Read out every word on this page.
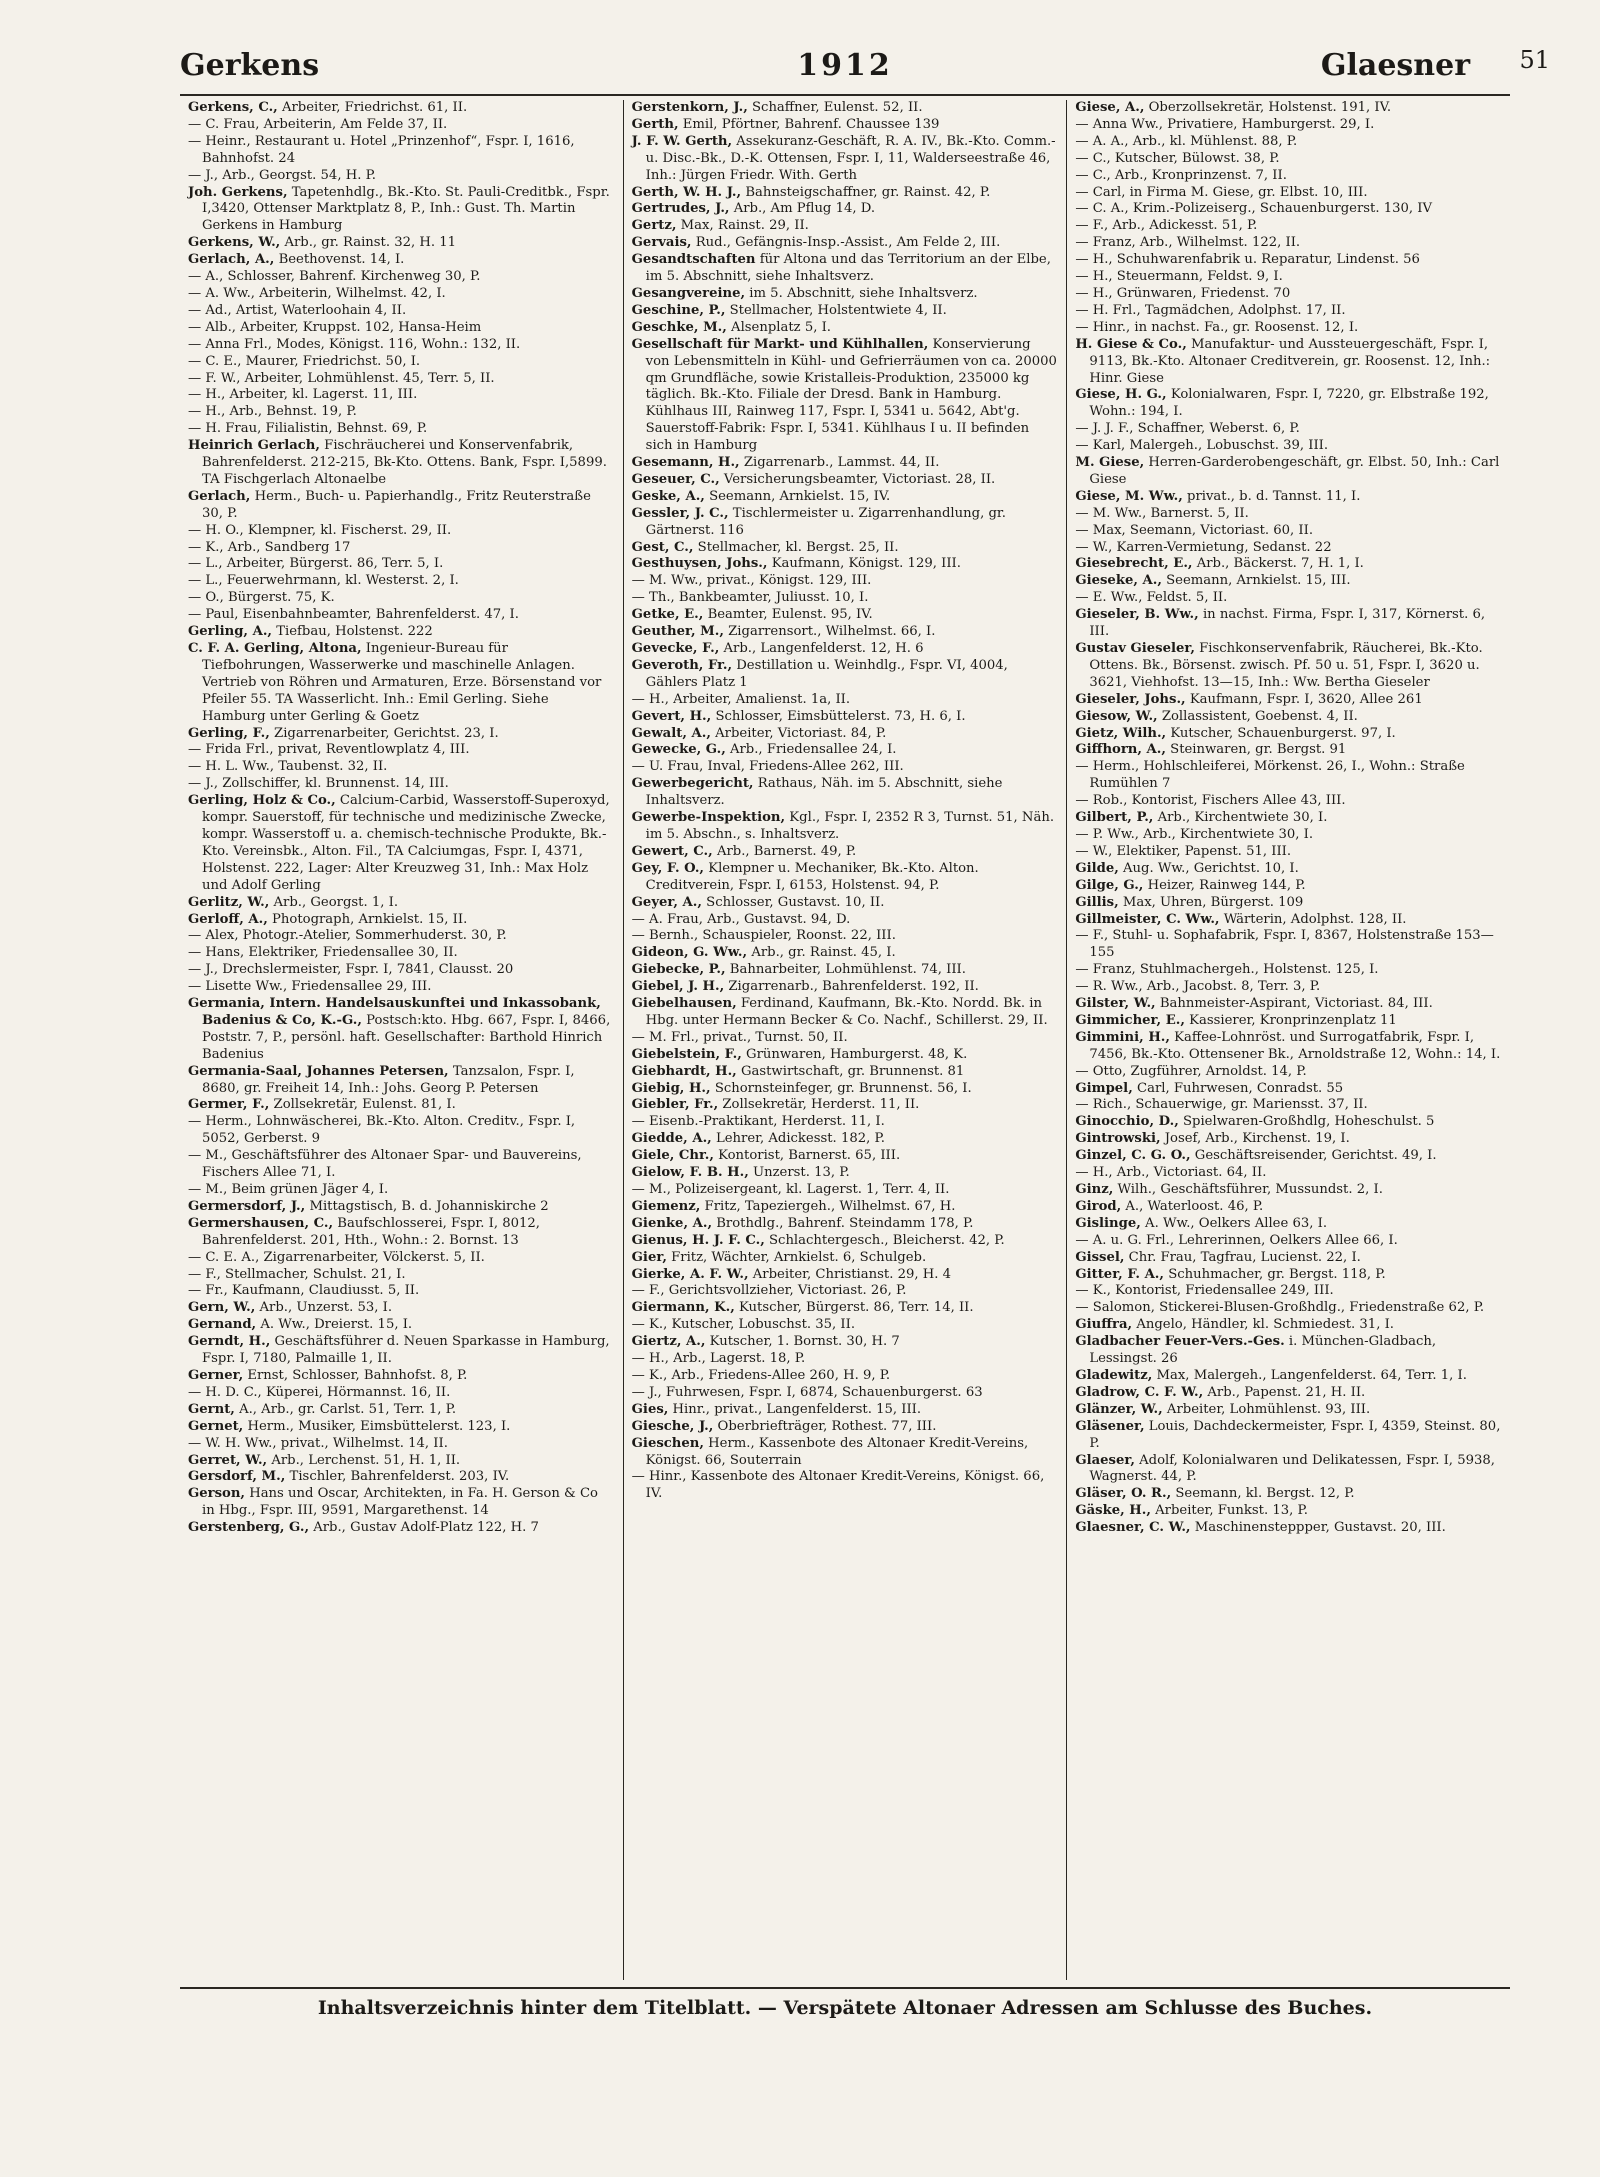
Gerkens	1912	Glaesner 51
Gerkens, C., Arbeiter, Friedrichst. 61, II.
— C. Frau, Arbeiterin, Am Felde 37, II.
— Heinr., Restaurant u. Hotel „Prinzenhof“, Fspr. I, 1616, Bahnhofst. 24
— J., Arb., Georgst. 54, H. P.
Joh. Gerkens, Tapetenhdlg., Bk.-Kto. St. Pauli-Creditbk., Fspr. I,3420, Ottenser Marktplatz 8, P., Inh.: Gust. Th. Martin Gerkens in Hamburg
Gerkens, W., Arb., gr. Rainst. 32, H. 11
Gerlach, A., Beethovenst. 14, I.
— A., Schlosser, Bahrenf. Kirchenweg 30, P.
— A. Ww., Arbeiterin, Wilhelmst. 42, I.
— Ad., Artist, Waterloohain 4, II.
— Alb., Arbeiter, Kruppst. 102, Hansa-Heim
— Anna Frl., Modes, Königst. 116, Wohn.: 132, II.
— C. E., Maurer, Friedrichst. 50, I.
— F. W., Arbeiter, Lohmühlenst. 45, Terr. 5, II.
— H., Arbeiter, kl. Lagerst. 11, III.
— H., Arb., Behnst. 19, P.
— H. Frau, Filialistin, Behnst. 69, P.
Heinrich Gerlach, Fischräucherei und Konservenfabrik, Bahrenfelderst. 212-215, Bk-Kto. Ottens. Bank, Fspr. I,5899. TA Fischgerlach Altonaelbe
Gerlach, Herm., Buch- u. Papierhandlg., Fritz Reuterstraße 30, P.
— H. O., Klempner, kl. Fischerst. 29, II.
— K., Arb., Sandberg 17
— L., Arbeiter, Bürgerst. 86, Terr. 5, I.
— L., Feuerwehrmann, kl. Westerst. 2, I.
— O., Bürgerst. 75, K.
— Paul, Eisenbahnbeamter, Bahrenfelderst. 47, I.
Gerling, A., Tiefbau, Holstenst. 222
C. F. A. Gerling, Altona, Ingenieur-Bureau für Tiefbohrungen, Wasserwerke und maschinelle Anlagen. Vertrieb von Röhren und Armaturen, Erze. Börsenstand vor Pfeiler 55. TA Wasserlicht. Inh.: Emil Gerling. Siehe Hamburg unter Gerling & Goetz
Gerling, F., Zigarrenarbeiter, Gerichtst. 23, I.
— Frida Frl., privat, Reventlowplatz 4, III.
— H. L. Ww., Taubenst. 32, II.
— J., Zollschiffer, kl. Brunnenst. 14, III.
Gerling, Holz & Co., Calcium-Carbid, Wasserstoff-Superoxyd, kompr. Sauerstoff, für technische und medizinische Zwecke, kompr. Wasserstoff u. a. chemisch-technische Produkte, Bk.-Kto. Vereinsbk., Alton. Fil., TA Calciumgas, Fspr. I, 4371, Holstenst. 222, Lager: Alter Kreuzweg 31, Inh.: Max Holz und Adolf Gerling
Gerlitz, W., Arb., Georgst. 1, I.
Gerloff, A., Photograph, Arnkielst. 15, II.
— Alex, Photogr.-Atelier, Sommerhuderst. 30, P.
— Hans, Elektriker, Friedensallee 30, II.
— J., Drechslermeister, Fspr. I, 7841, Clausst. 20
— Lisette Ww., Friedensallee 29, III.
Germania, Intern. Handelsauskunftei und Inkassobank, Badenius & Co, K.-G., Postsch:kto. Hbg. 667, Fspr. I, 8466, Poststr. 7, P., persönl. haft. Gesellschafter: Barthold Hinrich Badenius
Germania-Saal, Johannes Petersen, Tanzsalon, Fspr. I, 8680, gr. Freiheit 14, Inh.: Johs. Georg P. Petersen
Germer, F., Zollsekretär, Eulenst. 81, I.
— Herm., Lohnwäscherei, Bk.-Kto. Alton. Creditv., Fspr. I, 5052, Gerberst. 9
— M., Geschäftsführer des Altonaer Spar- und Bauvereins, Fischers Allee 71, I.
— M., Beim grünen Jäger 4, I.
Germersdorf, J., Mittagstisch, B. d. Johanniskirche 2
Germershausen, C., Baufschlosserei, Fspr. I, 8012, Bahrenfelderst. 201, Hth., Wohn.: 2. Bornst. 13
— C. E. A., Zigarrenarbeiter, Völckerst. 5, II.
— F., Stellmacher, Schulst. 21, I.
— Fr., Kaufmann, Claudiusst. 5, II.
Gern, W., Arb., Unzerst. 53, I.
Gernand, A. Ww., Dreierst. 15, I.
Gerndt, H., Geschäftsführer d. Neuen Sparkasse in Hamburg, Fspr. I, 7180, Palmaille 1, II.
Gerner, Ernst, Schlosser, Bahnhofst. 8, P.
— H. D. C., Küperei, Hörmannst. 16, II.
Gernt, A., Arb., gr. Carlst. 51, Terr. 1, P.
Gernet, Herm., Musiker, Eimsbüttelerst. 123, I.
— W. H. Ww., privat., Wilhelmst. 14, II.
Gerret, W., Arb., Lerchenst. 51, H. 1, II.
Gersdorf, M., Tischler, Bahrenfelderst. 203, IV.
Gerson, Hans und Oscar, Architekten, in Fa. H. Gerson & Co in Hbg., Fspr. III, 9591, Margarethenst. 14
Gerstenberg, G., Arb., Gustav Adolf-Platz 122, H. 7
Gerstenkorn, J., Schaffner, Eulenst. 52, II.
Gerth, Emil, Pförtner, Bahrenf. Chaussee 139
J. F. W. Gerth, Assekuranz-Geschäft, R. A. IV., Bk.-Kto. Comm.- u. Disc.-Bk., D.-K. Ottensen, Fspr. I, 11, Walderseestraße 46, Inh.: Jürgen Friedr. With. Gerth
Gerth, W. H. J., Bahnsteigschaffner, gr. Rainst. 42, P.
Gertrudes, J., Arb., Am Pflug 14, D.
Gertz, Max, Rainst. 29, II.
Gervais, Rud., Gefängnis-Insp.-Assist., Am Felde 2, III.
Gesandtschaften für Altona und das Territorium an der Elbe, im 5. Abschnitt, siehe Inhaltsverz.
Gesangvereine, im 5. Abschnitt, siehe Inhaltsverz.
Geschine, P., Stellmacher, Holstentwiete 4, II.
Geschke, M., Alsenplatz 5, I.
Gesellschaft für Markt- und Kühlhallen, Konservierung von Lebensmitteln in Kühl- und Gefrierräumen von ca. 20000 qm Grundfläche, sowie Kristalleis-Produktion, 235000 kg täglich. Bk.-Kto. Filiale der Dresd. Bank in Hamburg. Kühlhaus III, Rainweg 117, Fspr. I, 5341 u. 5642, Abt'g. Sauerstoff-Fabrik: Fspr. I, 5341. Kühlhaus I u. II befinden sich in Hamburg
Gesemann, H., Zigarrenarb., Lammst. 44, II.
Geseuer, C., Versicherungsbeamter, Victoriast. 28, II.
Geske, A., Seemann, Arnkielst. 15, IV.
Gessler, J. C., Tischlermeister u. Zigarrenhandlung, gr. Gärtnerst. 116
Gest, C., Stellmacher, kl. Bergst. 25, II.
Gesthuysen, Johs., Kaufmann, Königst. 129, III.
— M. Ww., privat., Königst. 129, III.
— Th., Bankbeamter, Juliusst. 10, I.
Getke, E., Beamter, Eulenst. 95, IV.
Geuther, M., Zigarrensort., Wilhelmst. 66, I.
Gevecke, F., Arb., Langenfelderst. 12, H. 6
Geveroth, Fr., Destillation u. Weinhdlg., Fspr. VI, 4004, Gählers Platz 1
— H., Arbeiter, Amalienst. 1a, II.
Gevert, H., Schlosser, Eimsbüttelerst. 73, H. 6, I.
Gewalt, A., Arbeiter, Victoriast. 84, P.
Gewecke, G., Arb., Friedensallee 24, I.
— U. Frau, Inval, Friedens-Allee 262, III.
Gewerbegericht, Rathaus, Näh. im 5. Abschnitt, siehe Inhaltsverz.
Gewerbe-Inspektion, Kgl., Fspr. I, 2352 R 3, Turnst. 51, Näh. im 5. Abschn., s. Inhaltsverz.
Gewert, C., Arb., Barnerst. 49, P.
Gey, F. O., Klempner u. Mechaniker, Bk.-Kto. Alton. Creditverein, Fspr. I, 6153, Holstenst. 94, P.
Geyer, A., Schlosser, Gustavst. 10, II.
— A. Frau, Arb., Gustavst. 94, D.
— Bernh., Schauspieler, Roonst. 22, III.
Gideon, G. Ww., Arb., gr. Rainst. 45, I.
Giebecke, P., Bahnarbeiter, Lohmühlenst. 74, III.
Giebel, J. H., Zigarrenarb., Bahrenfelderst. 192, II.
Giebelhausen, Ferdinand, Kaufmann, Bk.-Kto. Nordd. Bk. in Hbg. unter Hermann Becker & Co. Nachf., Schillerst. 29, II.
— M. Frl., privat., Turnst. 50, II.
Giebelstein, F., Grünwaren, Hamburgerst. 48, K.
Giebhardt, H., Gastwirtschaft, gr. Brunnenst. 81
Giebig, H., Schornsteinfeger, gr. Brunnenst. 56, I.
Giebler, Fr., Zollsekretär, Herderst. 11, II.
— Eisenb.-Praktikant, Herderst. 11, I.
Giedde, A., Lehrer, Adickesst. 182, P.
Giele, Chr., Kontorist, Barnerst. 65, III.
Gielow, F. B. H., Unzerst. 13, P.
— M., Polizeisergeant, kl. Lagerst. 1, Terr. 4, II.
Giemenz, Fritz, Tapeziergeh., Wilhelmst. 67, H.
Gienke, A., Brothdlg., Bahrenf. Steindamm 178, P.
Gienus, H. J. F. C., Schlachtergesch., Bleicherst. 42, P.
Gier, Fritz, Wächter, Arnkielst. 6, Schulgeb.
Gierke, A. F. W., Arbeiter, Christianst. 29, H. 4
— F., Gerichtsvollzieher, Victoriast. 26, P.
Giermann, K., Kutscher, Bürgerst. 86, Terr. 14, II.
— K., Kutscher, Lobuschst. 35, II.
Giertz, A., Kutscher, 1. Bornst. 30, H. 7
— H., Arb., Lagerst. 18, P.
— K., Arb., Friedens-Allee 260, H. 9, P.
— J., Fuhrwesen, Fspr. I, 6874, Schauenburgerst. 63
Gies, Hinr., privat., Langenfelderst. 15, III.
Giesche, J., Oberbriefträger, Rothest. 77, III.
Gieschen, Herm., Kassenbote des Altonaer Kredit-Vereins, Königst. 66, Souterrain
— Hinr., Kassenbote des Altonaer Kredit-Vereins, Königst. 66, IV.
Giese, A., Oberzollsekretär, Holstenst. 191, IV.
— Anna Ww., Privatiere, Hamburgerst. 29, I.
— A. A., Arb., kl. Mühlenst. 88, P.
— C., Kutscher, Bülowst. 38, P.
— C., Arb., Kronprinzenst. 7, II.
— Carl, in Firma M. Giese, gr. Elbst. 10, III.
— C. A., Krim.-Polizeiserg., Schauenburgerst. 130, IV
— F., Arb., Adickesst. 51, P.
— Franz, Arb., Wilhelmst. 122, II.
— H., Schuhwarenfabrik u. Reparatur, Lindenst. 56
— H., Steuermann, Feldst. 9, I.
— H., Grünwaren, Friedenst. 70
— H. Frl., Tagmädchen, Adolphst. 17, II.
— Hinr., in nachst. Fa., gr. Roosenst. 12, I.
H. Giese & Co., Manufaktur- und Aussteuergeschäft, Fspr. I, 9113, Bk.-Kto. Altonaer Creditverein, gr. Roosenst. 12, Inh.: Hinr. Giese
Giese, H. G., Kolonialwaren, Fspr. I, 7220, gr. Elbstraße 192, Wohn.: 194, I.
— J. J. F., Schaffner, Weberst. 6, P.
— Karl, Malergeh., Lobuschst. 39, III.
M. Giese, Herren-Garderobengeschäft, gr. Elbst. 50, Inh.: Carl Giese
Giese, M. Ww., privat., b. d. Tannst. 11, I.
— M. Ww., Barnerst. 5, II.
— Max, Seemann, Victoriast. 60, II.
— W., Karren-Vermietung, Sedanst. 22
Giesebrecht, E., Arb., Bäckerst. 7, H. 1, I.
Gieseke, A., Seemann, Arnkielst. 15, III.
— E. Ww., Feldst. 5, II.
Gieseler, B. Ww., in nachst. Firma, Fspr. I, 317, Körnerst. 6, III.
Gustav Gieseler, Fischkonservenfabrik, Räucherei, Bk.-Kto. Ottens. Bk., Börsenst. zwisch. Pf. 50 u. 51, Fspr. I, 3620 u. 3621, Viehhofst. 13—15, Inh.: Ww. Bertha Gieseler
Gieseler, Johs., Kaufmann, Fspr. I, 3620, Allee 261
Giesow, W., Zollassistent, Goebenst. 4, II.
Gietz, Wilh., Kutscher, Schauenburgerst. 97, I.
Giffhorn, A., Steinwaren, gr. Bergst. 91
— Herm., Hohlschleiferei, Mörkenst. 26, I., Wohn.: Straße Rumühlen 7
— Rob., Kontorist, Fischers Allee 43, III.
Gilbert, P., Arb., Kirchentwiete 30, I.
— P. Ww., Arb., Kirchentwiete 30, I.
— W., Elektiker, Papenst. 51, III.
Gilde, Aug. Ww., Gerichtst. 10, I.
Gilge, G., Heizer, Rainweg 144, P.
Gillis, Max, Uhren, Bürgerst. 109
Gillmeister, C. Ww., Wärterin, Adolphst. 128, II.
— F., Stuhl- u. Sophafabrik, Fspr. I, 8367, Holstenstraße 153—155
— Franz, Stuhlmachergeh., Holstenst. 125, I.
— R. Ww., Arb., Jacobst. 8, Terr. 3, P.
Gilster, W., Bahnmeister-Aspirant, Victoriast. 84, III.
Gimmicher, E., Kassierer, Kronprinzenplatz 11
Gimmini, H., Kaffee-Lohnröst. und Surrogatfabrik, Fspr. I, 7456, Bk.-Kto. Ottensener Bk., Arnoldstraße 12, Wohn.: 14, I.
— Otto, Zugführer, Arnoldst. 14, P.
Gimpel, Carl, Fuhrwesen, Conradst. 55
— Rich., Schauerwige, gr. Mariensst. 37, II.
Ginocchio, D., Spielwaren-Großhdlg, Hoheschulst. 5
Gintrowski, Josef, Arb., Kirchenst. 19, I.
Ginzel, C. G. O., Geschäftsreisender, Gerichtst. 49, I.
— H., Arb., Victoriast. 64, II.
Ginz, Wilh., Geschäftsführer, Mussundst. 2, I.
Girod, A., Waterloost. 46, P.
Gislinge, A. Ww., Oelkers Allee 63, I.
— A. u. G. Frl., Lehrerinnen, Oelkers Allee 66, I.
Gissel, Chr. Frau, Tagfrau, Lucienst. 22, I.
Gitter, F. A., Schuhmacher, gr. Bergst. 118, P.
— K., Kontorist, Friedensallee 249, III.
— Salomon, Stickerei-Blusen-Großhdlg., Friedenstraße 62, P.
Giuffra, Angelo, Händler, kl. Schmiedest. 31, I.
Gladbacher Feuer-Vers.-Ges. i. München-Gladbach, Lessingst. 26
Gladewitz, Max, Malergeh., Langenfelderst. 64, Terr. 1, I.
Gladrow, C. F. W., Arb., Papenst. 21, H. II.
Glänzer, W., Arbeiter, Lohmühlenst. 93, III.
Gläsener, Louis, Dachdeckermeister, Fspr. I, 4359, Steinst. 80, P.
Glaeser, Adolf, Kolonialwaren und Delikatessen, Fspr. I, 5938, Wagnerst. 44, P.
Gläser, O. R., Seemann, kl. Bergst. 12, P.
Gäske, H., Arbeiter, Funkst. 13, P.
Glaesner, C. W., Maschinensteppper, Gustavst. 20, III.
Inhaltsverzeichnis hinter dem Titelblatt. — Verspätete Altonaer Adressen am Schlusse des Buches.
